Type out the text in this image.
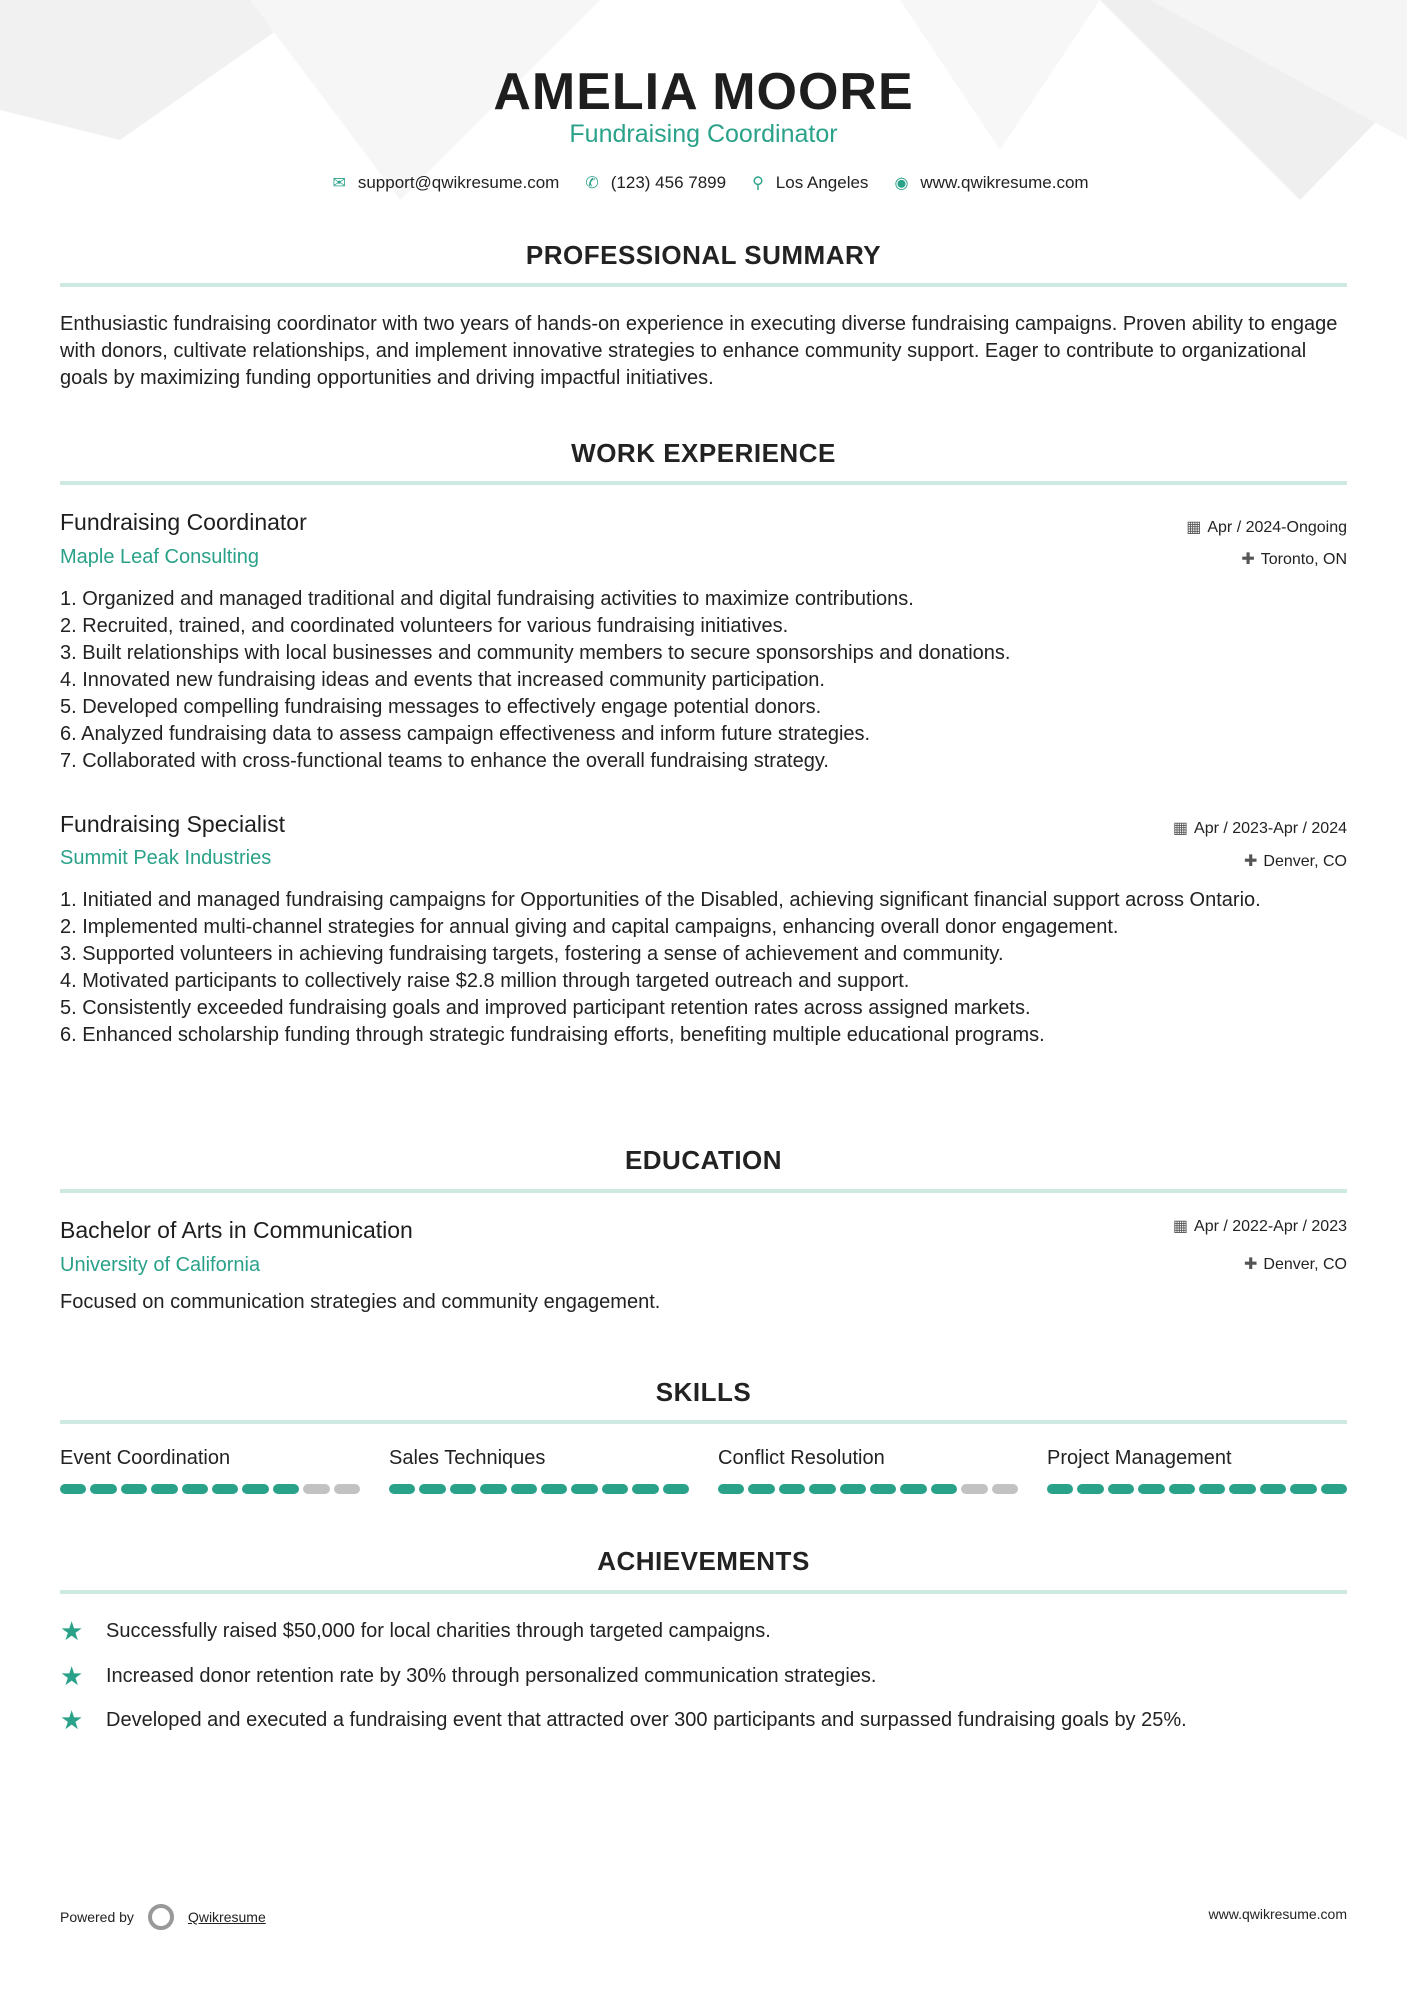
AMELIA MOORE
Fundraising Coordinator
✉ support@qwikresume.com ✆ (123) 456 7899 ⚲ Los Angeles ◉ www.qwikresume.com
PROFESSIONAL SUMMARY
Enthusiastic fundraising coordinator with two years of hands-on experience in executing diverse fundraising campaigns. Proven ability to engage with donors, cultivate relationships, and implement innovative strategies to enhance community support. Eager to contribute to organizational goals by maximizing funding opportunities and driving impactful initiatives.
WORK EXPERIENCE
Fundraising Coordinator
Maple Leaf Consulting
▦ Apr / 2024-Ongoing
✚ Toronto, ON
1. Organized and managed traditional and digital fundraising activities to maximize contributions.
2. Recruited, trained, and coordinated volunteers for various fundraising initiatives.
3. Built relationships with local businesses and community members to secure sponsorships and donations.
4. Innovated new fundraising ideas and events that increased community participation.
5. Developed compelling fundraising messages to effectively engage potential donors.
6. Analyzed fundraising data to assess campaign effectiveness and inform future strategies.
7. Collaborated with cross-functional teams to enhance the overall fundraising strategy.
Fundraising Specialist
Summit Peak Industries
▦ Apr / 2023-Apr / 2024
✚ Denver, CO
1. Initiated and managed fundraising campaigns for Opportunities of the Disabled, achieving significant financial support across Ontario.
2. Implemented multi-channel strategies for annual giving and capital campaigns, enhancing overall donor engagement.
3. Supported volunteers in achieving fundraising targets, fostering a sense of achievement and community.
4. Motivated participants to collectively raise $2.8 million through targeted outreach and support.
5. Consistently exceeded fundraising goals and improved participant retention rates across assigned markets.
6. Enhanced scholarship funding through strategic fundraising efforts, benefiting multiple educational programs.
EDUCATION
Bachelor of Arts in Communication
University of California
▦ Apr / 2022-Apr / 2023
✚ Denver, CO
Focused on communication strategies and community engagement.
SKILLS
Event Coordination	Sales Techniques	Conflict Resolution	Project Management
ACHIEVEMENTS
★	Successfully raised $50,000 for local charities through targeted campaigns.
★	Increased donor retention rate by 30% through personalized communication strategies.
★	Developed and executed a fundraising event that attracted over 300 participants and surpassed fundraising goals by 25%.
Powered by	Qwikresume	www.qwikresume.com
